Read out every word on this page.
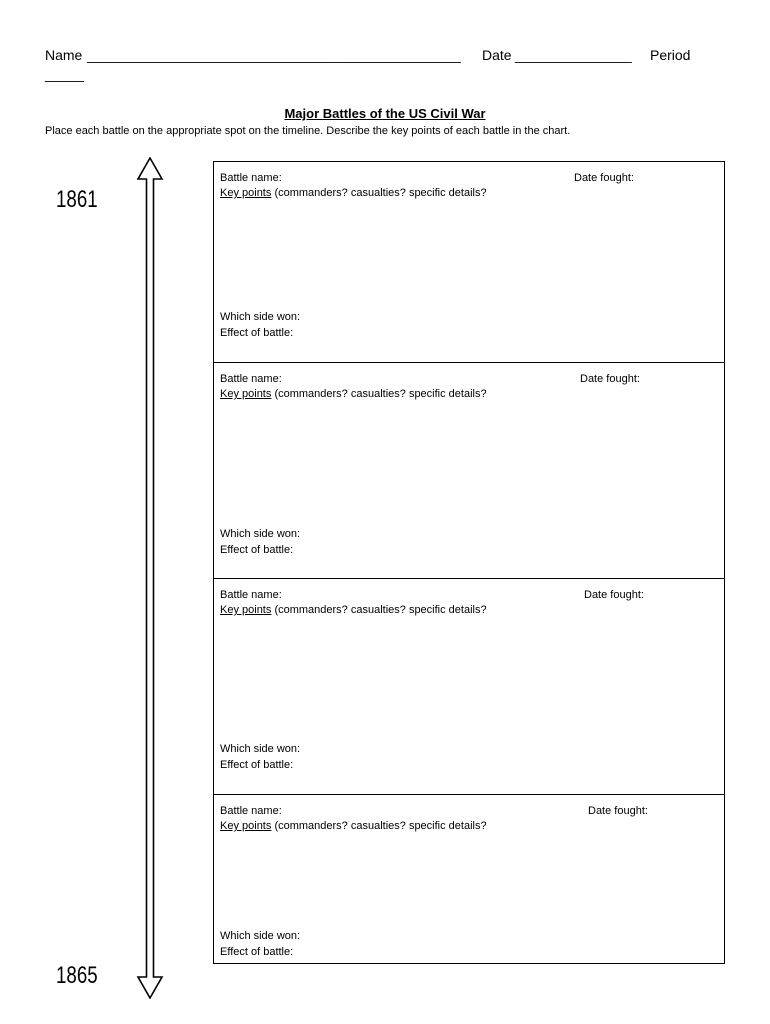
Name

________________________________________________

Date

_______________

Period

_____
Major Battles of the US Civil War
Place each battle on the appropriate spot on the timeline. Describe the key points of each battle in the chart.
1861
1865
Battle name:	Date fought:
Key points (commanders? casualties? specific details?
Which side won:
Effect of battle:
Battle name:	Date fought:
Key points (commanders? casualties? specific details?
Which side won:
Effect of battle:
Battle name:	Date fought:
Key points (commanders? casualties? specific details?
Which side won:
Effect of battle:
Battle name:	Date fought:
Key points (commanders? casualties? specific details?
Which side won:
Effect of battle:
